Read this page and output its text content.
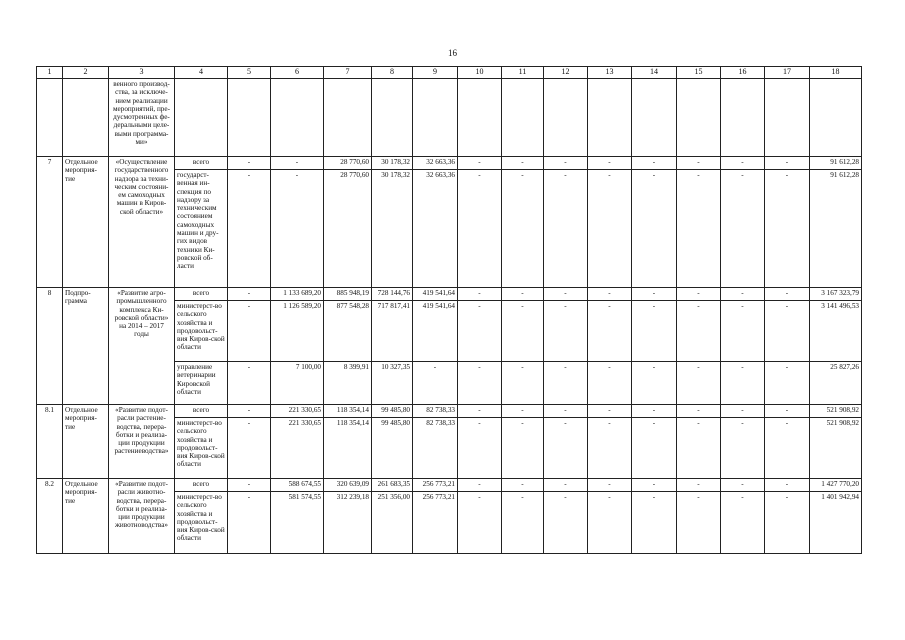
16
1	2	3	4	5	6	7	8	9	10	11	12	13	14	15	16	17	18
		венного производ-ства, за исключе-нием реализации мероприятий, пре-дусмотренных фе-деральными целе-выми программа-ми»															
7	Отдельное мероприя-тие	«Осуществление государственного надзора за техни-ческим состояни-ем самоходных машин в Киров-ской области»	всего	-	-	28 770,60	30 178,32	32 663,36	-	-	-	-	-	-	-	-	91 612,28
			государст-венная ин-спекция по надзору за техническим состоянием самоходных машин и дру-гих видов техники Ки-ровской об-ласти	-	-	28 770,60	30 178,32	32 663,36	-	-	-	-	-	-	-	-	91 612,28
8	Подпро-грамма	«Развитие агро-промышленного комплекса Ки-ровской области» на 2014 – 2017 годы	всего	-	1 133 689,20	885 948,19	728 144,76	419 541,64	-	-	-	-	-	-	-	-	3 167 323,79
			министерст-во сельского хозяйства и продовольст-вия Киров-ской области	-	1 126 589,20	877 548,28	717 817,41	419 541,64	-	-	-	-	-	-	-	-	3 141 496,53
			управление ветеринарии Кировской области	-	7 100,00	8 399,91	10 327,35	-	-	-	-	-	-	-	-	-	25 827,26
8.1	Отдельное мероприя-тие	«Развитие подот-расли растение-водства, перера-ботки и реализа-ции продукции растениеводства»	всего	-	221 330,65	118 354,14	99 485,80	82 738,33	-	-	-	-	-	-	-	-	521 908,92
			министерст-во сельского хозяйства и продовольст-вия Киров-ской области	-	221 330,65	118 354,14	99 485,80	82 738,33	-	-	-	-	-	-	-	-	521 908,92
8.2	Отдельное мероприя-тие	«Развитие подот-расли животно-водства, перера-ботки и реализа-ции продукции животноводства»	всего	-	588 674,55	320 639,09	261 683,35	256 773,21	-	-	-	-	-	-	-	-	1 427 770,20
			министерст-во сельского хозяйства и продовольст-вия Киров-ской области	-	581 574,55	312 239,18	251 356,00	256 773,21	-	-	-	-	-	-	-	-	1 401 942,94
